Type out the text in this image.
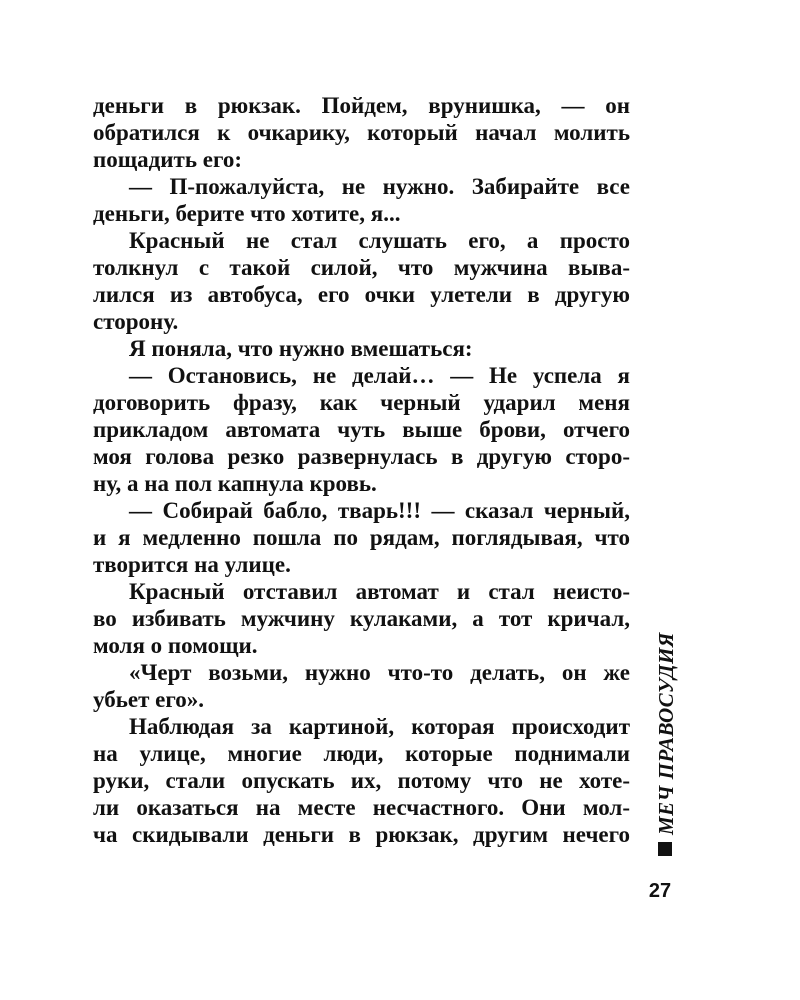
деньги в рюкзак. Пойдем, врунишка, — он

обратился к очкарику, который начал молить

пощадить его:

— П-пожалуйста, не нужно. Забирайте все

деньги, берите что хотите, я...

Красный не стал слушать его, а просто

толкнул с такой силой, что мужчина выва-

лился из автобуса, его очки улетели в другую

сторону.

Я поняла, что нужно вмешаться:

— Остановись, не делай… — Не успела я

договорить фразу, как черный ударил меня

прикладом автомата чуть выше брови, отчего

моя голова резко развернулась в другую сторо-

ну, а на пол капнула кровь.

— Собирай бабло, тварь!!! — сказал черный,

и я медленно пошла по рядам, поглядывая, что

творится на улице.

Красный отставил автомат и стал неисто-

во избивать мужчину кулаками, а тот кричал,

моля о помощи.

«Черт возьми, нужно что-то делать, он же

убьет его».

Наблюдая за картиной, которая происходит

на улице, многие люди, которые поднимали

руки, стали опускать их, потому что не хоте-

ли оказаться на месте несчастного. Они мол-

ча скидывали деньги в рюкзак, другим нечего МЕЧ ПРАВОСУДИЯ
27
